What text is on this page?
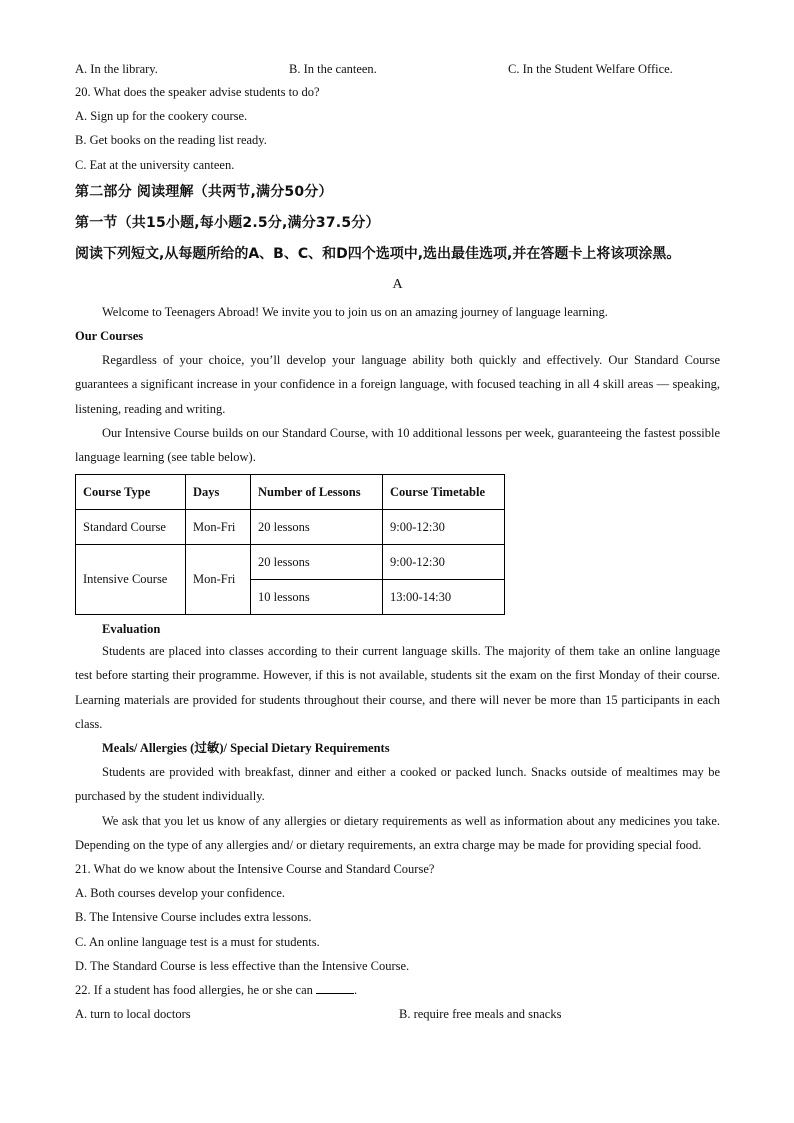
A. In the library.	B. In the canteen.	C. In the Student Welfare Office.
20. What does the speaker advise students to do?
A. Sign up for the cookery course.
B. Get books on the reading list ready.
C. Eat at the university canteen.
第二部分 阅读理解（共两节,满分50分）
第一节（共15小题,每小题2.5分,满分37.5分）
阅读下列短文,从每题所给的A、B、C、和D四个选项中,选出最佳选项,并在答题卡上将该项涂黑。
A
Welcome to Teenagers Abroad! We invite you to join us on an amazing journey of language learning.
Our Courses
Regardless of your choice, you’ll develop your language ability both quickly and effectively. Our Standard Course guarantees a significant increase in your confidence in a foreign language, with focused teaching in all 4 skill areas — speaking, listening, reading and writing.
Our Intensive Course builds on our Standard Course, with 10 additional lessons per week, guaranteeing the fastest possible language learning (see table below).
Course Type	Days	Number of Lessons	Course Timetable
Standard Course	Mon-Fri	20 lessons	9:00-12:30
Intensive Course	Mon-Fri	20 lessons	9:00-12:30
		10 lessons	13:00-14:30
Evaluation
Students are placed into classes according to their current language skills. The majority of them take an online language test before starting their programme. However, if this is not available, students sit the exam on the first Monday of their course. Learning materials are provided for students throughout their course, and there will never be more than 15 participants in each class.
Meals/ Allergies (过敏)/ Special Dietary Requirements
Students are provided with breakfast, dinner and either a cooked or packed lunch. Snacks outside of mealtimes may be purchased by the student individually.
We ask that you let us know of any allergies or dietary requirements as well as information about any medicines you take. Depending on the type of any allergies and/ or dietary requirements, an extra charge may be made for providing special food.
21. What do we know about the Intensive Course and Standard Course?
A. Both courses develop your confidence.
B. The Intensive Course includes extra lessons.
C. An online language test is a must for students.
D. The Standard Course is less effective than the Intensive Course.
22. If a student has food allergies, he or she can	.
A. turn to local doctors	B. require free meals and snacks
